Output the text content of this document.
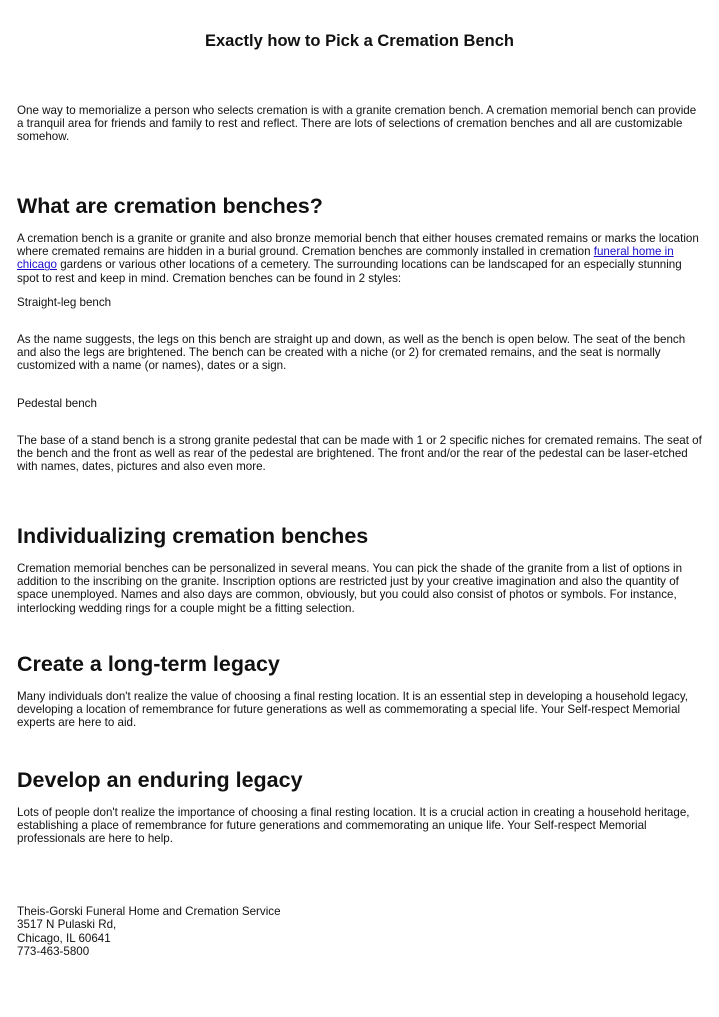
Exactly how to Pick a Cremation Bench

One way to memorialize a person who selects cremation is with a granite cremation bench. A cremation memorial bench can provide a tranquil area for friends and family to rest and reflect. There are lots of selections of cremation benches and all are customizable somehow.

What are cremation benches?

A cremation bench is a granite or granite and also bronze memorial bench that either houses cremated remains or marks the location where cremated remains are hidden in a burial ground. Cremation benches are commonly installed in cremation funeral home in chicago gardens or various other locations of a cemetery. The surrounding locations can be landscaped for an especially stunning spot to rest and keep in mind. Cremation benches can be found in 2 styles:

Straight-leg bench

As the name suggests, the legs on this bench are straight up and down, as well as the bench is open below. The seat of the bench and also the legs are brightened. The bench can be created with a niche (or 2) for cremated remains, and the seat is normally customized with a name (or names), dates or a sign.

Pedestal bench

The base of a stand bench is a strong granite pedestal that can be made with 1 or 2 specific niches for cremated remains. The seat of the bench and the front as well as rear of the pedestal are brightened. The front and/or the rear of the pedestal can be laser-etched with names, dates, pictures and also even more.

Individualizing cremation benches

Cremation memorial benches can be personalized in several means. You can pick the shade of the granite from a list of options in addition to the inscribing on the granite. Inscription options are restricted just by your creative imagination and also the quantity of space unemployed. Names and also days are common, obviously, but you could also consist of photos or symbols. For instance, interlocking wedding rings for a couple might be a fitting selection.

Create a long-term legacy

Many individuals don't realize the value of choosing a final resting location. It is an essential step in developing a household legacy, developing a location of remembrance for future generations as well as commemorating a special life. Your Self-respect Memorial experts are here to aid.

Develop an enduring legacy

Lots of people don't realize the importance of choosing a final resting location. It is a crucial action in creating a household heritage, establishing a place of remembrance for future generations and commemorating an unique life. Your Self-respect Memorial professionals are here to help.

Theis-Gorski Funeral Home and Cremation Service
3517 N Pulaski Rd,
Chicago, IL 60641
773-463-5800
